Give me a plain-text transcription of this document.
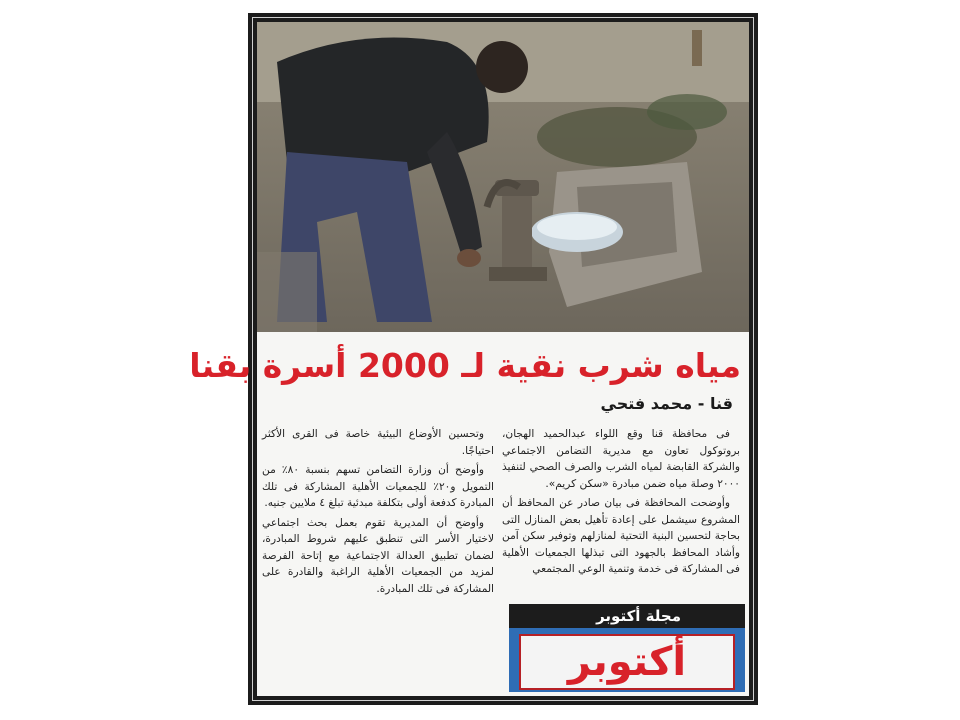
مياه شرب نقية لـ 2000 أسرة بقنا
قنا - محمد فتحي

فى محافظة قنا وقع اللواء عبدالحميد الهجان، بروتوكول تعاون مع مديرية التضامن الاجتماعي والشركة القابضة لمياه الشرب والصرف الصحي لتنفيذ ٢٠٠٠ وصلة مياه ضمن مبادرة «سكن كريم».

وأوضحت المحافظة فى بيان صادر عن المحافظ أن المشروع سيشمل على إعادة تأهيل بعض المنازل التى بحاجة لتحسين البنية التحتية لمنازلهم وتوفير سكن آمن وأشاد المحافظ بالجهود التى تبذلها الجمعيات الأهلية فى المشاركة فى خدمة وتنمية الوعي المجتمعي

وتحسين الأوضاع البيئية خاصة فى القرى الأكثر احتياجًا.

وأوضح أن وزارة التضامن تسهم بنسبة ٨٠٪ من التمويل و٢٠٪ للجمعيات الأهلية المشاركة فى تلك المبادرة كدفعة أولى بتكلفة مبدئية تبلغ ٤ ملايين جنيه.

وأوضح أن المديرية تقوم بعمل بحث اجتماعي لاختيار الأسر التى تنطبق عليهم شروط المبادرة، لضمان تطبيق العدالة الاجتماعية مع إتاحة الفرصة لمزيد من الجمعيات الأهلية الراغبة والقادرة على المشاركة فى تلك المبادرة.

مجلة أكتوبر
أكتوبر
